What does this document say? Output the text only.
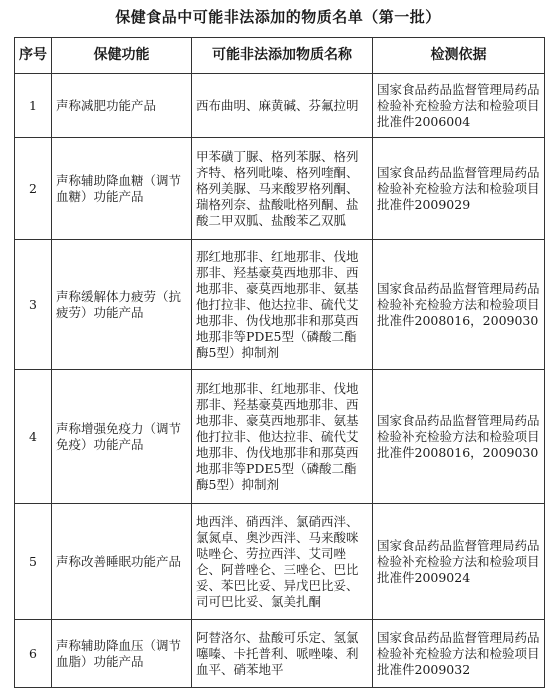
保健食品中可能非法添加的物质名单（第一批）
序号	保健功能	可能非法添加物质名称	检测依据
1	声称减肥功能产品	西布曲明、麻黄碱、芬氟拉明	国家食品药品监督管理局药品检验补充检验方法和检验项目批准件2006004
2	声称辅助降血糖（调节血糖）功能产品	甲苯磺丁脲、格列苯脲、格列齐特、格列吡嗪、格列喹酮、格列美脲、马来酸罗格列酮、瑞格列奈、盐酸吡格列酮、盐酸二甲双胍、盐酸苯乙双胍	国家食品药品监督管理局药品检验补充检验方法和检验项目批准件2009029
3	声称缓解体力疲劳（抗疲劳）功能产品	那红地那非、红地那非、伐地那非、羟基豪莫西地那非、西地那非、豪莫西地那非、氨基他打拉非、他达拉非、硫代艾地那非、伪伐地那非和那莫西地那非等PDE5型（磷酸二酯酶5型）抑制剂	国家食品药品监督管理局药品检验补充检验方法和检验项目批准件2008016，2009030
4	声称增强免疫力（调节免疫）功能产品	那红地那非、红地那非、伐地那非、羟基豪莫西地那非、西地那非、豪莫西地那非、氨基他打拉非、他达拉非、硫代艾地那非、伪伐地那非和那莫西地那非等PDE5型（磷酸二酯酶5型）抑制剂	国家食品药品监督管理局药品检验补充检验方法和检验项目批准件2008016，2009030
5	声称改善睡眠功能产品	地西泮、硝西泮、氯硝西泮、氯氮卓、奥沙西泮、马来酸咪哒唑仑、劳拉西泮、艾司唑仑、阿普唑仑、三唑仑、巴比妥、苯巴比妥、异戊巴比妥、司可巴比妥、氯美扎酮	国家食品药品监督管理局药品检验补充检验方法和检验项目批准件2009024
6	声称辅助降血压（调节血脂）功能产品	阿替洛尔、盐酸可乐定、氢氯噻嗪、卡托普利、哌唑嗪、利血平、硝苯地平	国家食品药品监督管理局药品检验补充检验方法和检验项目批准件2009032
